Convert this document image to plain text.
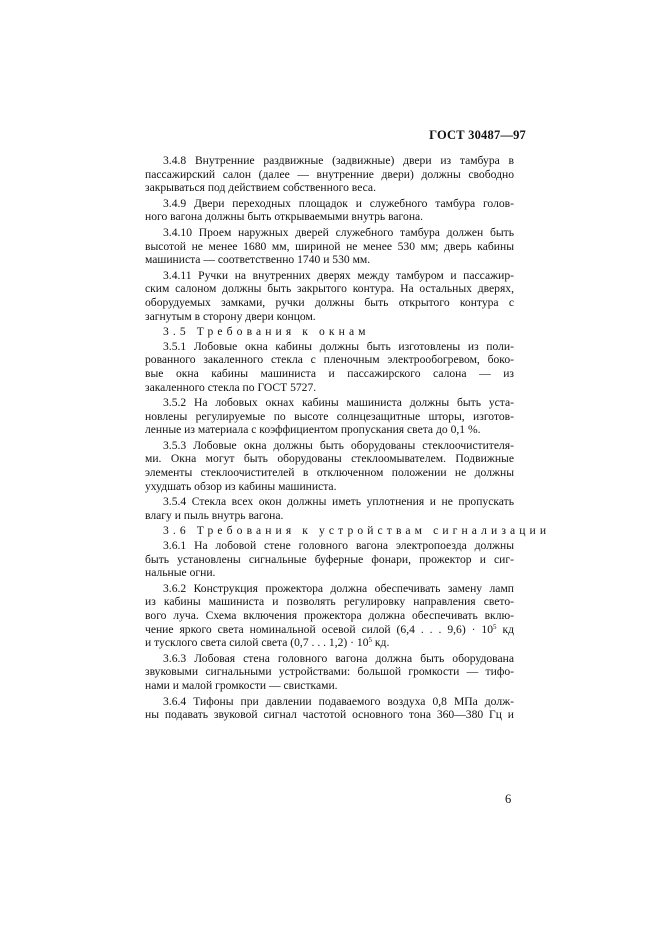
ГОСТ 30487—97

3.4.8 Внутренние раздвижные (задвижные) двери из тамбура в
пассажирский салон (далее — внутренние двери) должны свободно
закрываться под действием собственного веса.

3.4.9 Двери переходных площадок и служебного тамбура голов-
ного вагона должны быть открываемыми внутрь вагона.

3.4.10 Проем наружных дверей служебного тамбура должен быть
высотой не менее 1680 мм, шириной не менее 530 мм; дверь кабины
машиниста — соответственно 1740 и 530 мм.

3.4.11 Ручки на внутренних дверях между тамбуром и пассажир-
ским салоном должны быть закрытого контура. На остальных дверях,
оборудуемых замками, ручки должны быть открытого контура с
загнутым в сторону двери концом.

3.5 Требования к окнам

3.5.1 Лобовые окна кабины должны быть изготовлены из поли-
рованного закаленного стекла с пленочным электрообогревом, боко-
вые окна кабины машиниста и пассажирского салона — из
закаленного стекла по ГОСТ 5727.

3.5.2 На лобовых окнах кабины машиниста должны быть уста-
новлены регулируемые по высоте солнцезащитные шторы, изготов-
ленные из материала с коэффициентом пропускания света до 0,1 %.

3.5.3 Лобовые окна должны быть оборудованы стеклоочистителя-
ми. Окна могут быть оборудованы стеклоомывателем. Подвижные
элементы стеклоочистителей в отключенном положении не должны
ухудшать обзор из кабины машиниста.

3.5.4 Стекла всех окон должны иметь уплотнения и не пропускать
влагу и пыль внутрь вагона.

3.6 Требования к устройствам сигнализации

3.6.1 На лобовой стене головного вагона электропоезда должны
быть установлены сигнальные буферные фонари, прожектор и сиг-
нальные огни.

3.6.2 Конструкция прожектора должна обеспечивать замену ламп
из кабины машиниста и позволять регулировку направления свето-
вого луча. Схема включения прожектора должна обеспечивать вклю-
чение яркого света номинальной осевой силой (6,4 . . . $9,6) \cdot 10^5$ кд
и тусклого света силой света (0,7 . . . $1,2) \cdot 10^5$ кд.

3.6.3 Лобовая стена головного вагона должна быть оборудована
звуковыми сигнальными устройствами: большой громкости — тифо-
нами и малой громкости — свистками.

3.6.4 Тифоны при давлении подаваемого воздуха 0,8 МПа долж-
ны подавать звуковой сигнал частотой основного тона 360—380 Гц и

6
